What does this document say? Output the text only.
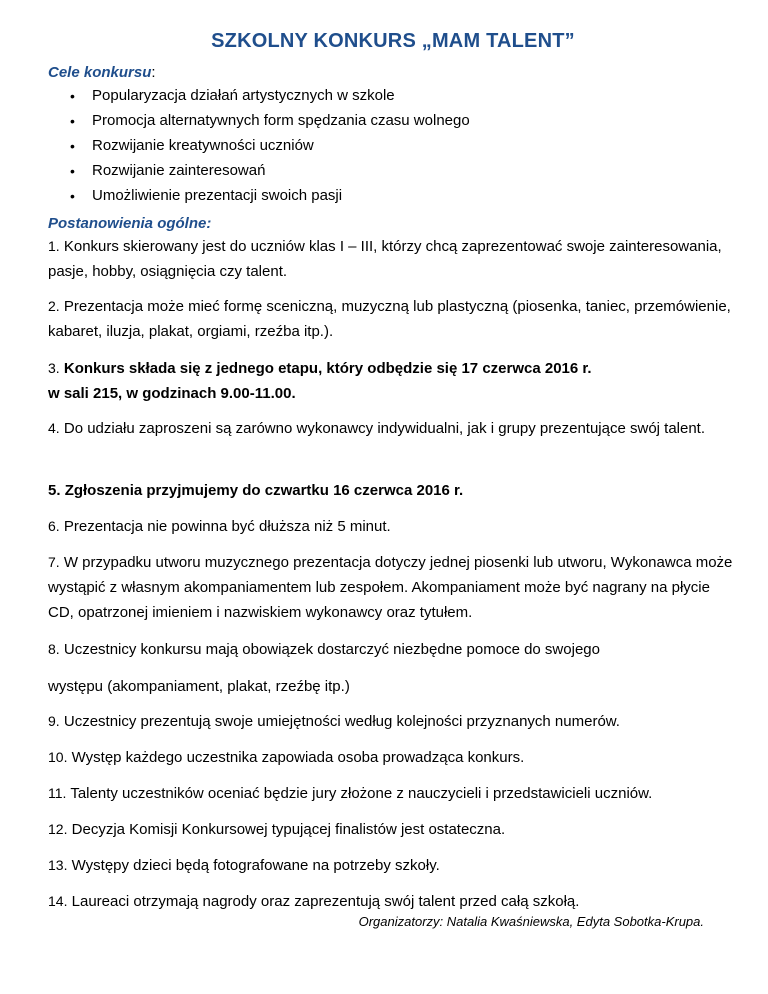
SZKOLNY KONKURS „MAM TALENT”
Cele konkursu:
• Popularyzacja działań artystycznych w szkole
• Promocja alternatywnych form spędzania czasu wolnego
• Rozwijanie kreatywności uczniów
• Rozwijanie zainteresowań
• Umożliwienie prezentacji swoich pasji
Postanowienia ogólne:
1. Konkurs skierowany jest do uczniów klas I – III, którzy chcą zaprezentować swoje zainteresowania, pasje, hobby, osiągnięcia czy talent.
2. Prezentacja może mieć formę sceniczną, muzyczną lub plastyczną (piosenka, taniec, przemówienie, kabaret, iluzja, plakat, orgiami, rzeźba itp.).
3. Konkurs składa się z jednego etapu, który odbędzie się 17 czerwca 2016 r.
w sali 215, w godzinach 9.00-11.00.
4. Do udziału zaproszeni są zarówno wykonawcy indywidualni, jak i grupy prezentujące swój talent.
5. Zgłoszenia przyjmujemy do czwartku 16 czerwca 2016 r.
6. Prezentacja nie powinna być dłuższa niż 5 minut.
7. W przypadku utworu muzycznego prezentacja dotyczy jednej piosenki lub utworu, Wykonawca może wystąpić z własnym akompaniamentem lub zespołem. Akompaniament może być nagrany na płycie CD, opatrzonej imieniem i nazwiskiem wykonawcy oraz tytułem.
8. Uczestnicy konkursu mają obowiązek dostarczyć niezbędne pomoce do swojego
występu (akompaniament, plakat, rzeźbę itp.)
9. Uczestnicy prezentują swoje umiejętności według kolejności przyznanych numerów.
10. Występ każdego uczestnika zapowiada osoba prowadząca konkurs.
11. Talenty uczestników oceniać będzie jury złożone z nauczycieli i przedstawicieli uczniów.
12. Decyzja Komisji Konkursowej typującej finalistów jest ostateczna.
13. Występy dzieci będą fotografowane na potrzeby szkoły.
14. Laureaci otrzymają nagrody oraz zaprezentują swój talent przed całą szkołą.
Organizatorzy: Natalia Kwaśniewska, Edyta Sobotka-Krupa.
